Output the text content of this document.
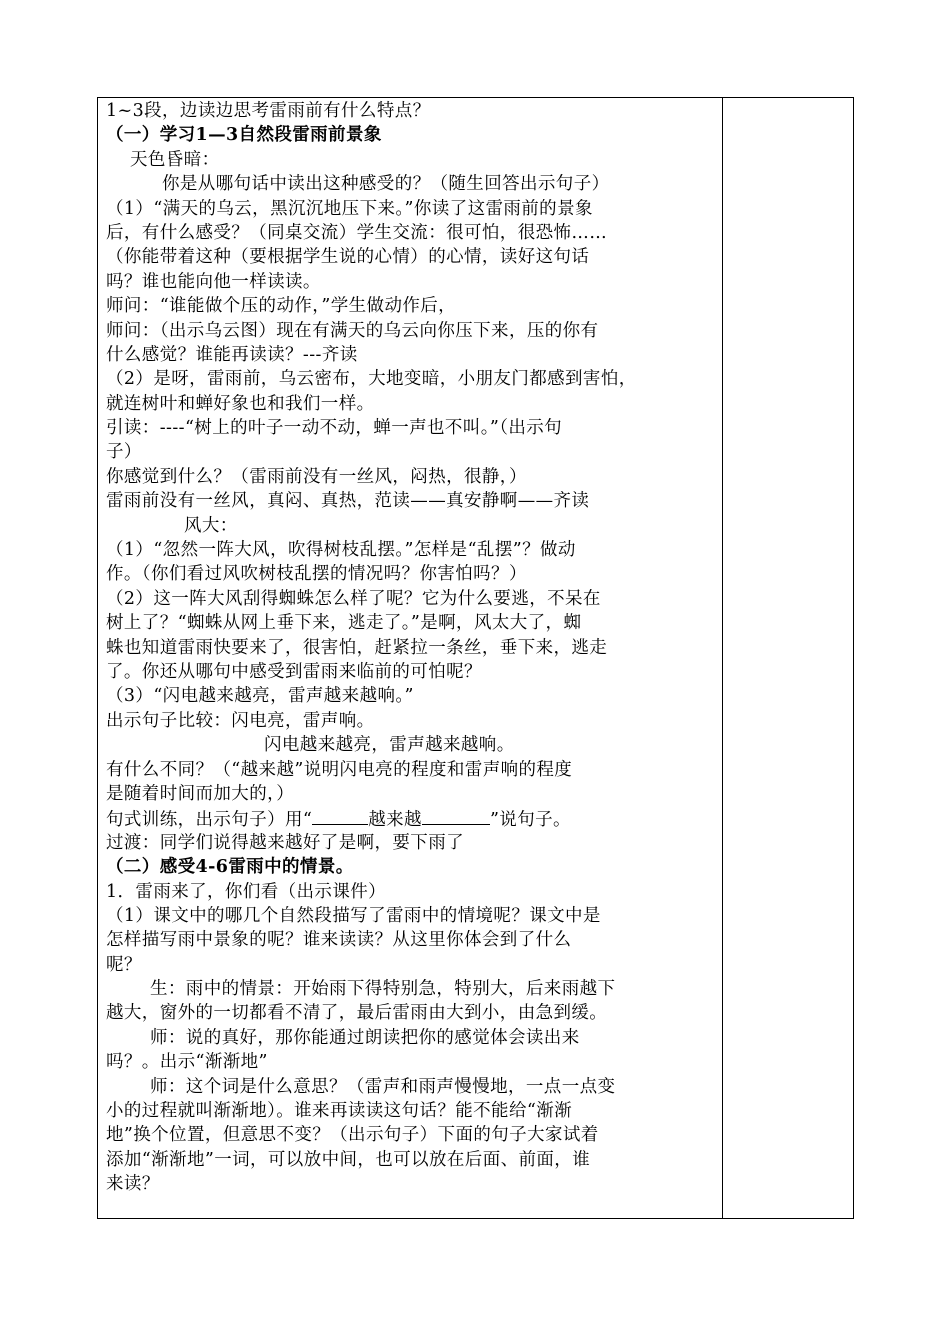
1~3段，边读边思考雷雨前有什么特点？
（一）学习1—3自然段雷雨前景象
天色昏暗：
你是从哪句话中读出这种感受的？（随生回答出示句子）
（1）“满天的乌云，黑沉沉地压下来。”你读了这雷雨前的景象
后，有什么感受？（同桌交流）学生交流：很可怕，很恐怖……
（你能带着这种（要根据学生说的心情）的心情，读好这句话
吗？谁也能向他一样读读。
师问：“谁能做个压的动作，”学生做动作后，
师问：（出示乌云图）现在有满天的乌云向你压下来，压的你有
什么感觉？谁能再读读？---齐读
（2）是呀，雷雨前，乌云密布，大地变暗，小朋友门都感到害怕，
就连树叶和蝉好象也和我们一样。
引读：----“树上的叶子一动不动，蝉一声也不叫。”（出示句
子）
你感觉到什么？（雷雨前没有一丝风，闷热，很静，）
雷雨前没有一丝风，真闷、真热，范读——真安静啊——齐读
风大：
（1）“忽然一阵大风，吹得树枝乱摆。”怎样是“乱摆”？做动
作。（你们看过风吹树枝乱摆的情况吗？你害怕吗？）
（2）这一阵大风刮得蜘蛛怎么样了呢？它为什么要逃，不呆在
树上了？“蜘蛛从网上垂下来，逃走了。”是啊，风太大了，蜘
蛛也知道雷雨快要来了，很害怕，赶紧拉一条丝，垂下来，逃走
了。你还从哪句中感受到雷雨来临前的可怕呢？
（3）“闪电越来越亮，雷声越来越响。”
出示句子比较：闪电亮，雷声响。
闪电越来越亮，雷声越来越响。
有什么不同？（“越来越”说明闪电亮的程度和雷声响的程度
是随着时间而加大的，）
句式训练，出示句子）用“	越来越	”说句子。
过渡：同学们说得越来越好了是啊，要下雨了
（二）感受4-6雷雨中的情景。
1．雷雨来了，你们看（出示课件）
（1）课文中的哪几个自然段描写了雷雨中的情境呢？课文中是
怎样描写雨中景象的呢？谁来读读？从这里你体会到了什么
呢？
生：雨中的情景：开始雨下得特别急，特别大，后来雨越下
越大，窗外的一切都看不清了，最后雷雨由大到小，由急到缓。
师：说的真好，那你能通过朗读把你的感觉体会读出来
吗？。出示“渐渐地”
师：这个词是什么意思？（雷声和雨声慢慢地，一点一点变
小的过程就叫渐渐地）。谁来再读读这句话？能不能给“渐渐
地”换个位置，但意思不变？（出示句子）下面的句子大家试着
添加“渐渐地”一词，可以放中间，也可以放在后面、前面，谁
来读？
